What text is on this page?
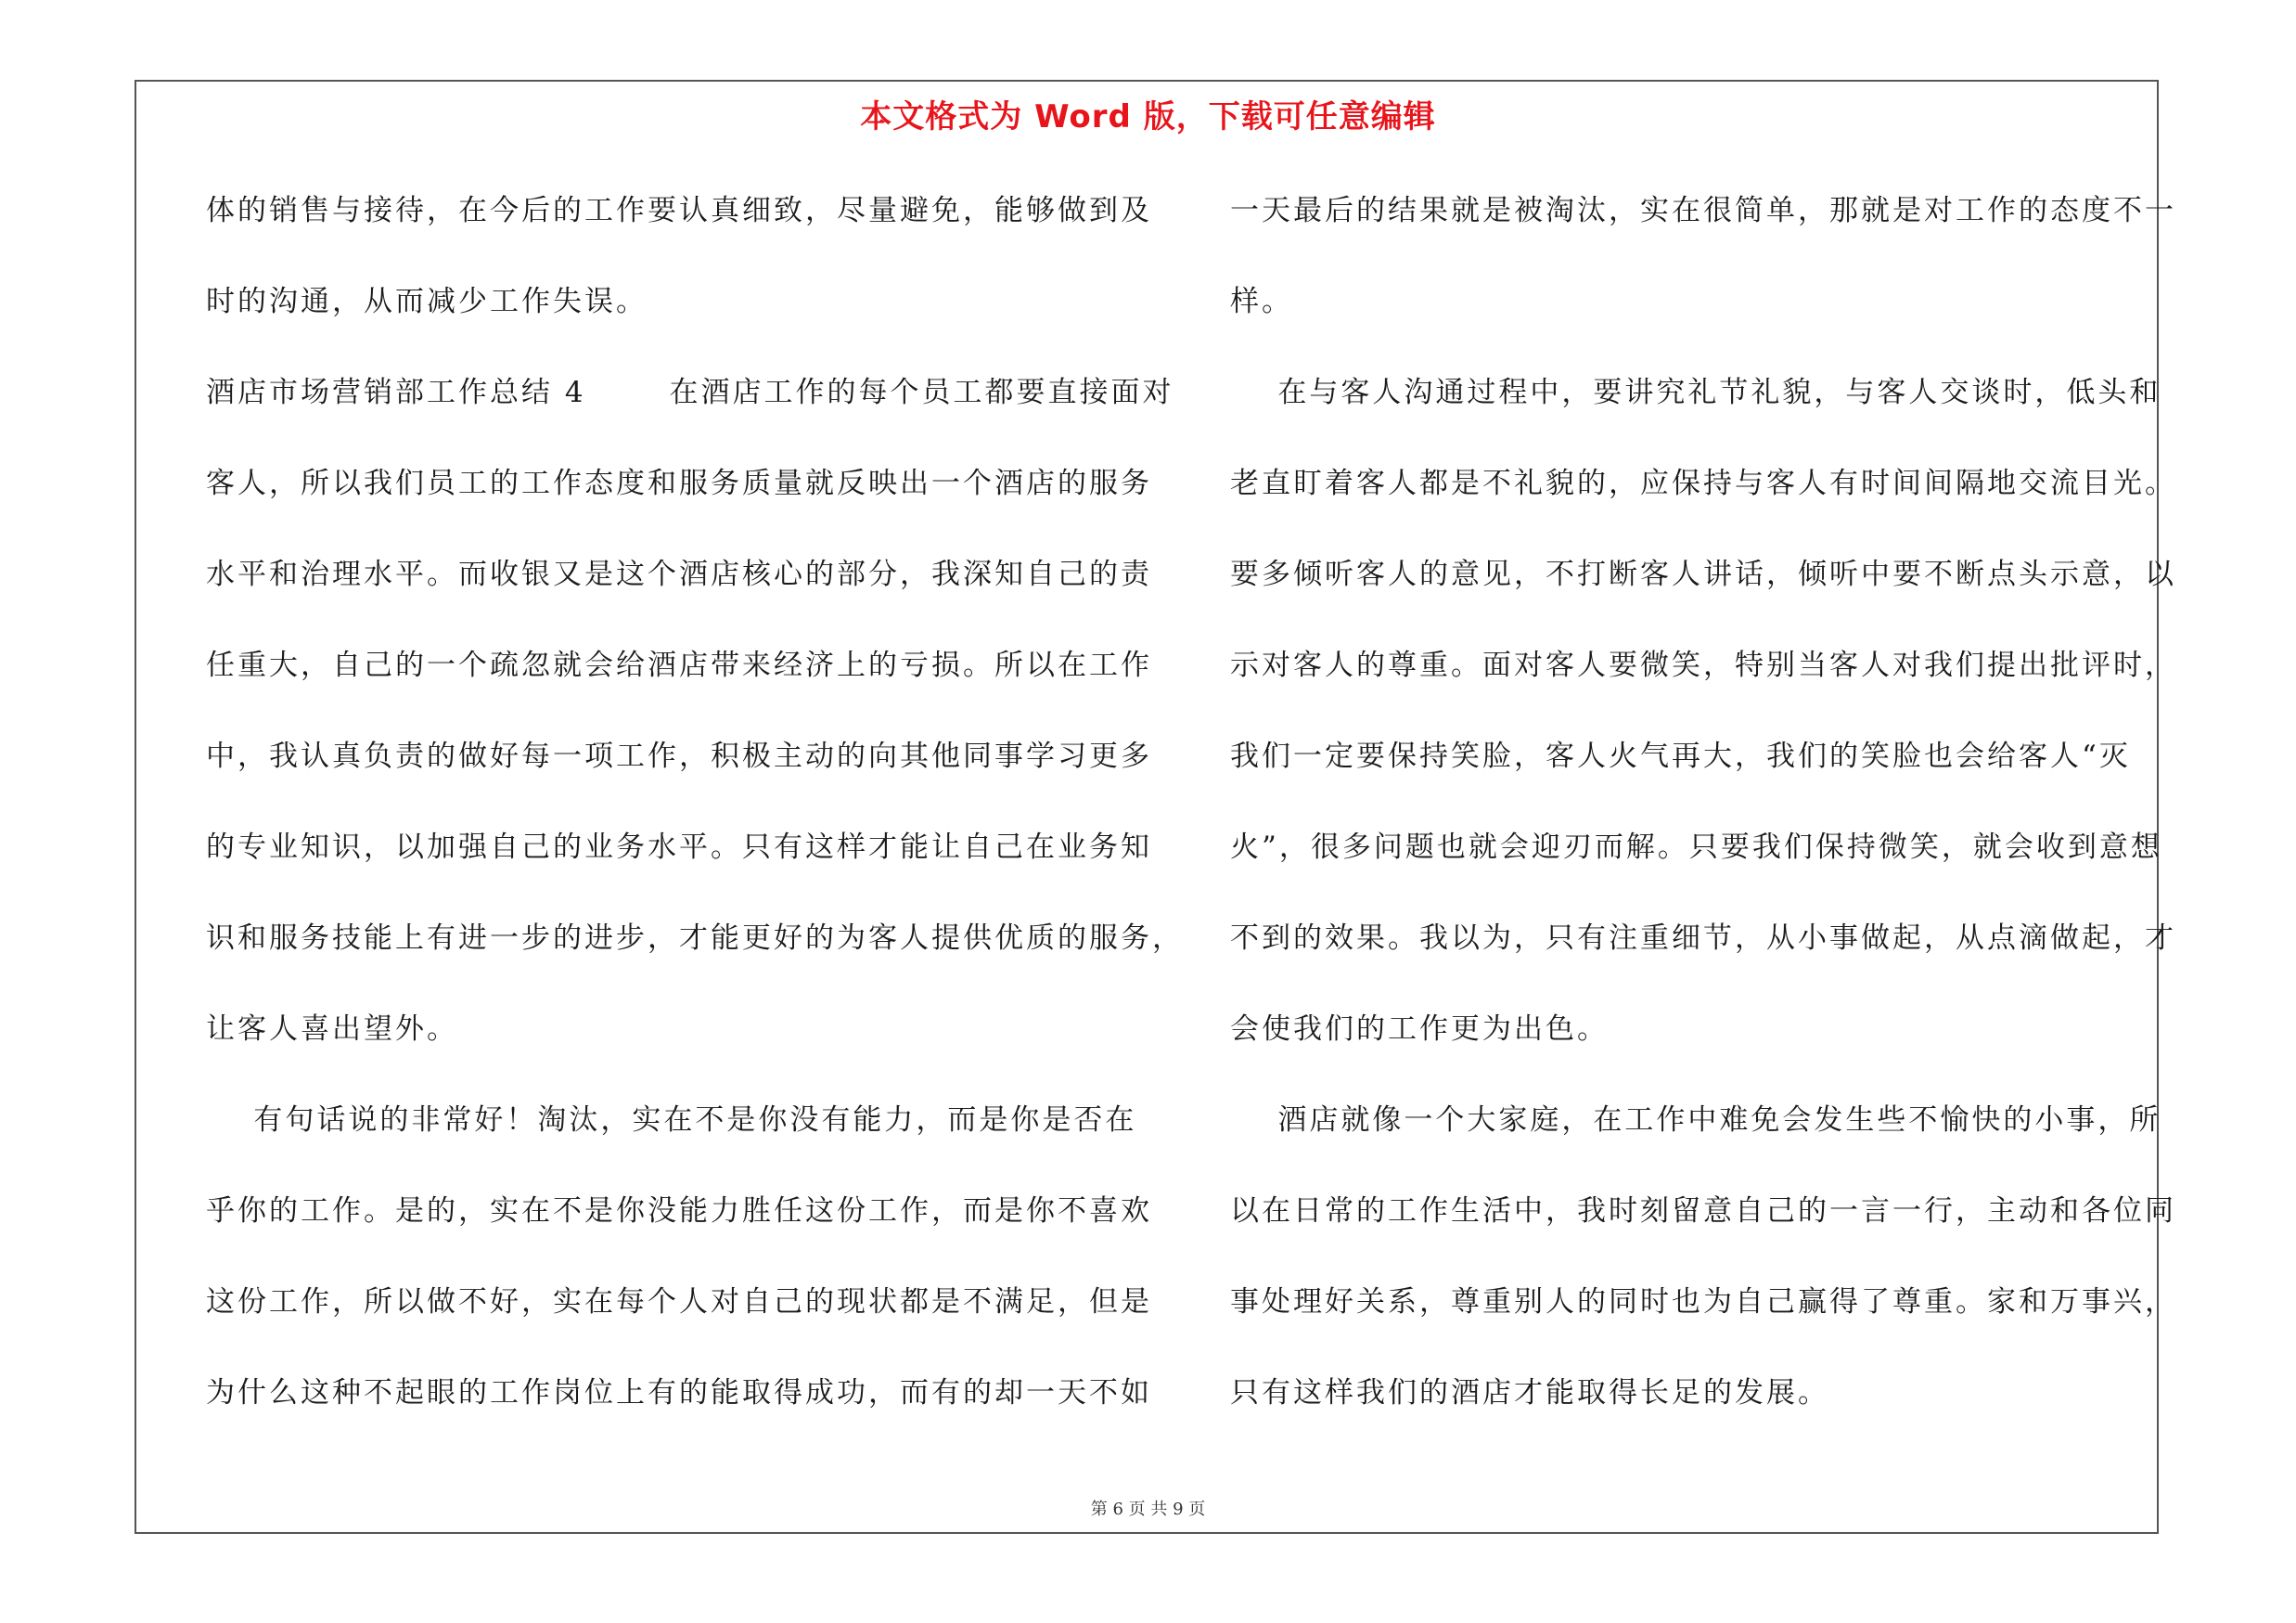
本文格式为 Word 版，下载可任意编辑
体的销售与接待，在今后的工作要认真细致，尽量避免，能够做到及
时的沟通，从而减少工作失误。
酒店市场营销部工作总结 4       在酒店工作的每个员工都要直接面对
客人，所以我们员工的工作态度和服务质量就反映出一个酒店的服务
水平和治理水平。而收银又是这个酒店核心的部分，我深知自己的责
任重大，自己的一个疏忽就会给酒店带来经济上的亏损。所以在工作
中，我认真负责的做好每一项工作，积极主动的向其他同事学习更多
的专业知识，以加强自己的业务水平。只有这样才能让自己在业务知
识和服务技能上有进一步的进步，才能更好的为客人提供优质的服务，
让客人喜出望外。
有句话说的非常好！淘汰，实在不是你没有能力，而是你是否在
乎你的工作。是的，实在不是你没能力胜任这份工作，而是你不喜欢
这份工作，所以做不好，实在每个人对自己的现状都是不满足，但是
为什么这种不起眼的工作岗位上有的能取得成功，而有的却一天不如
一天最后的结果就是被淘汰，实在很简单，那就是对工作的态度不一
样。
在与客人沟通过程中，要讲究礼节礼貌，与客人交谈时，低头和
老直盯着客人都是不礼貌的，应保持与客人有时间间隔地交流目光。
要多倾听客人的意见，不打断客人讲话，倾听中要不断点头示意，以
示对客人的尊重。面对客人要微笑，特别当客人对我们提出批评时，
我们一定要保持笑脸，客人火气再大，我们的笑脸也会给客人“灭
火”，很多问题也就会迎刃而解。只要我们保持微笑，就会收到意想
不到的效果。我以为，只有注重细节，从小事做起，从点滴做起，才
会使我们的工作更为出色。
酒店就像一个大家庭，在工作中难免会发生些不愉快的小事，所
以在日常的工作生活中，我时刻留意自己的一言一行，主动和各位同
事处理好关系，尊重别人的同时也为自己赢得了尊重。家和万事兴，
只有这样我们的酒店才能取得长足的发展。
第 6 页 共 9 页
